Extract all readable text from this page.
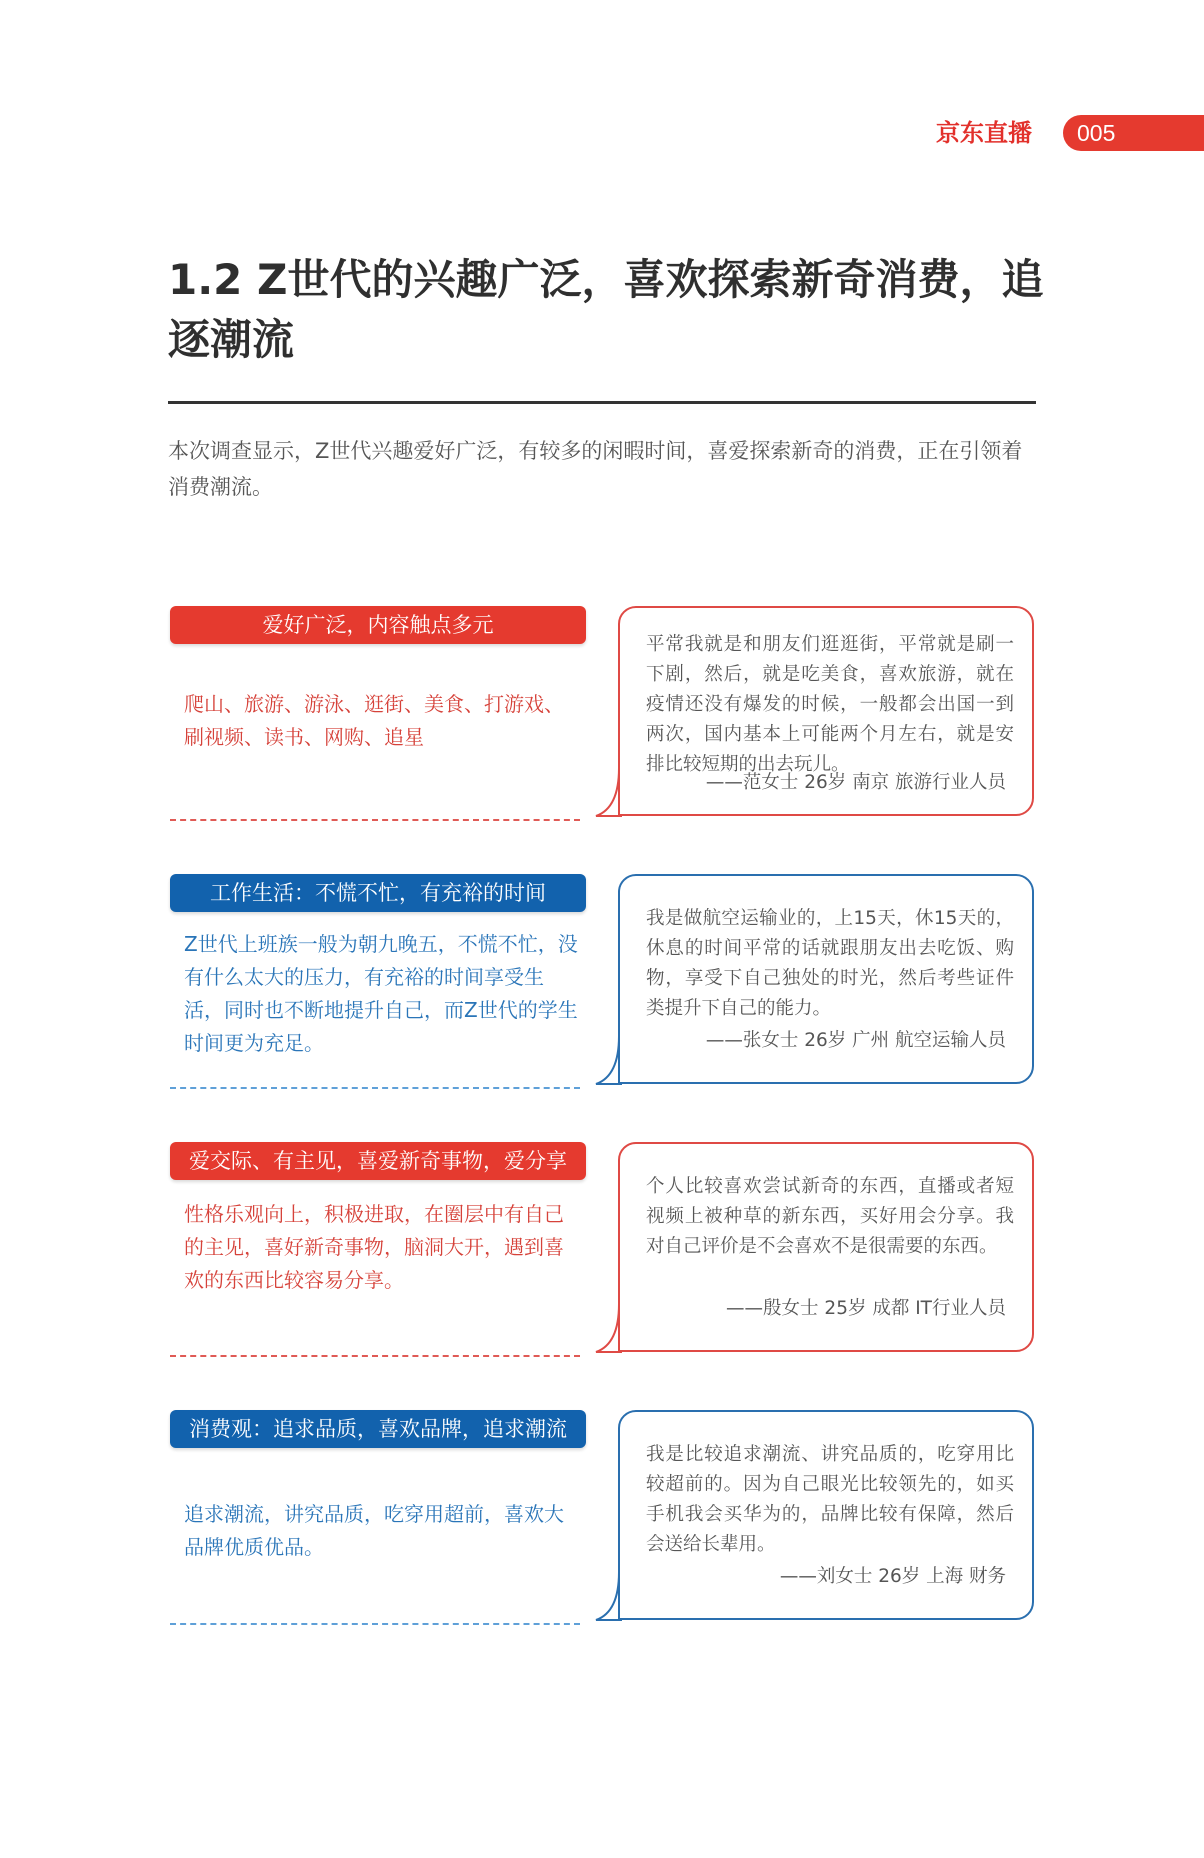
京东直播 005
1.2 Z世代的兴趣广泛，喜欢探索新奇消费，追逐潮流
本次调查显示，Z世代兴趣爱好广泛，有较多的闲暇时间，喜爱探索新奇的消费，正在引领着消费潮流。
爱好广泛，内容触点多元
爬山、旅游、游泳、逛街、美食、打游戏、刷视频、读书、网购、追星
平常我就是和朋友们逛逛街，平常就是刷一下剧，然后，就是吃美食，喜欢旅游，就在疫情还没有爆发的时候，一般都会出国一到两次，国内基本上可能两个月左右，就是安排比较短期的出去玩儿。
——范女士 26岁 南京 旅游行业人员
工作生活：不慌不忙，有充裕的时间
Z世代上班族一般为朝九晚五，不慌不忙，没有什么太大的压力，有充裕的时间享受生活，同时也不断地提升自己，而Z世代的学生时间更为充足。
我是做航空运输业的，上15天，休15天的，休息的时间平常的话就跟朋友出去吃饭、购物，享受下自己独处的时光，然后考些证件类提升下自己的能力。
——张女士 26岁 广州 航空运输人员
爱交际、有主见，喜爱新奇事物，爱分享
性格乐观向上，积极进取，在圈层中有自己的主见，喜好新奇事物，脑洞大开，遇到喜欢的东西比较容易分享。
个人比较喜欢尝试新奇的东西，直播或者短视频上被种草的新东西，买好用会分享。我对自己评价是不会喜欢不是很需要的东西。
——殷女士 25岁 成都 IT行业人员
消费观：追求品质，喜欢品牌，追求潮流
追求潮流，讲究品质，吃穿用超前，喜欢大品牌优质优品。
我是比较追求潮流、讲究品质的，吃穿用比较超前的。因为自己眼光比较领先的，如买手机我会买华为的，品牌比较有保障，然后会送给长辈用。
——刘女士 26岁 上海 财务
